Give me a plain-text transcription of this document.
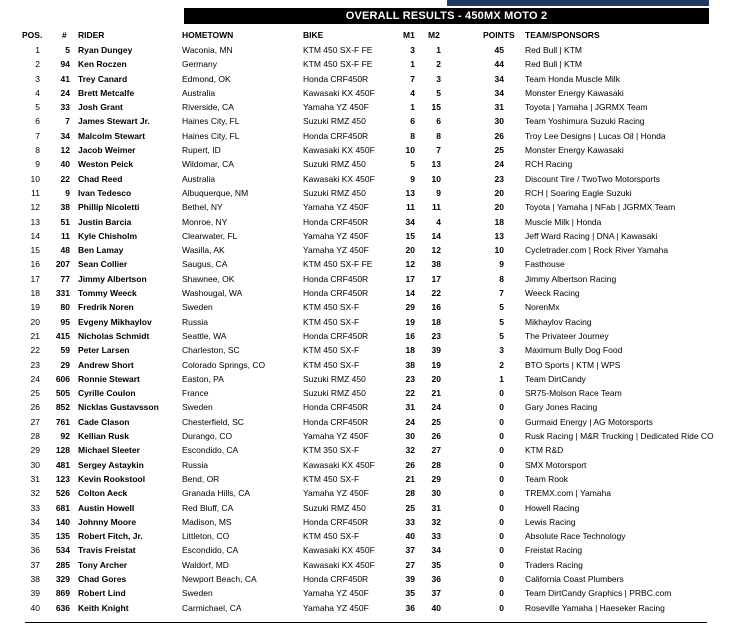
OVERALL RESULTS - 450MX MOTO 2
POS. # RIDER	HOMETOWN	BIKE	M1 M2	POINTS TEAM/SPONSORS
1	5 Ryan Dungey	Waconia, MN	KTM 450 SX-F FE	3	1	45 Red Bull | KTM
2	94 Ken Roczen	Germany	KTM 450 SX-F FE	1	2	44 Red Bull | KTM
3	41 Trey Canard	Edmond, OK	Honda CRF450R	7	3	34 Team Honda Muscle Milk
4	24 Brett Metcalfe	Australia	Kawasaki KX 450F	4	5	34 Monster Energy Kawasaki
5	33 Josh Grant	Riverside, CA	Yamaha YZ 450F	1	15	31 Toyota | Yamaha | JGRMX Team
6	7 James Stewart Jr.	Haines City, FL	Suzuki RMZ 450	6	6	30 Team Yoshimura Suzuki Racing
7	34 Malcolm Stewart	Haines City, FL	Honda CRF450R	8	8	26 Troy Lee Designs | Lucas Oil | Honda
8	12 Jacob Weimer	Rupert, ID	Kawasaki KX 450F	10	7	25 Monster Energy Kawasaki
9	40 Weston Peick	Wildomar, CA	Suzuki RMZ 450	5	13	24 RCH Racing
10	22 Chad Reed	Australia	Kawasaki KX 450F	9	10	23 Discount Tire / TwoTwo Motorsports
11	9 Ivan Tedesco	Albuquerque, NM	Suzuki RMZ 450	13	9	20 RCH | Soaring Eagle Suzuki
12	38 Phillip Nicoletti	Bethel, NY	Yamaha YZ 450F	11	11	20 Toyota | Yamaha | NFab | JGRMX Team
13	51 Justin Barcia	Monroe, NY	Honda CRF450R	34	4	18 Muscle Milk | Honda
14	11 Kyle Chisholm	Clearwater, FL	Yamaha YZ 450F	15	14	13 Jeff Ward Racing | DNA | Kawasaki
15	48 Ben Lamay	Wasilla, AK	Yamaha YZ 450F	20	12	10 Cycletrader.com | Rock River Yamaha
16	207 Sean Collier	Saugus, CA	KTM 450 SX-F FE	12	38	9 Fasthouse
17	77 Jimmy Albertson	Shawnee, OK	Honda CRF450R	17	17	8 Jimmy Albertson Racing
18	331 Tommy Weeck	Washougal, WA	Honda CRF450R	14	22	7 Weeck Racing
19	80 Fredrik Noren	Sweden	KTM 450 SX-F	29	16	5 NorenMx
20	95 Evgeny Mikhaylov	Russia	KTM 450 SX-F	19	18	5 Mikhaylov Racing
21	415 Nicholas Schmidt	Seattle, WA	Honda CRF450R	16	23	5 The Privateer Journey
22	59 Peter Larsen	Charleston, SC	KTM 450 SX-F	18	39	3 Maximum Bully Dog Food
23	29 Andrew Short	Colorado Springs, CO	KTM 450 SX-F	38	19	2 BTO Sports | KTM | WPS
24	606 Ronnie Stewart	Easton, PA	Suzuki RMZ 450	23	20	1 Team DirtCandy
25	505 Cyrille Coulon	France	Suzuki RMZ 450	22	21	0 SR75-Molson Race Team
26	852 Nicklas Gustavsson	Sweden	Honda CRF450R	31	24	0 Gary Jones Racing
27	761 Cade Clason	Chesterfield, SC	Honda CRF450R	24	25	0 Gurmaid Energy | AG Motorsports
28	92 Kellian Rusk	Durango, CO	Yamaha YZ 450F	30	26	0 Rusk Racing | M&R Trucking | Dedicated Ride CO
29	128 Michael Sleeter	Escondido, CA	KTM 350 SX-F	32	27	0 KTM R&D
30	481 Sergey Astaykin	Russia	Kawasaki KX 450F	26	28	0 SMX Motorsport
31	123 Kevin Rookstool	Bend, OR	KTM 450 SX-F	21	29	0 Team Rook
32	526 Colton Aeck	Granada Hills, CA	Yamaha YZ 450F	28	30	0 TREMX.com | Yamaha
33	681 Austin Howell	Red Bluff, CA	Suzuki RMZ 450	25	31	0 Howell Racing
34	140 Johnny Moore	Madison, MS	Honda CRF450R	33	32	0 Lewis Racing
35	135 Robert Fitch, Jr.	Littleton, CO	KTM 450 SX-F	40	33	0 Absolute Race Technology
36	534 Travis Freistat	Escondido, CA	Kawasaki KX 450F	37	34	0 Freistat Racing
37	285 Tony Archer	Waldorf, MD	Kawasaki KX 450F	27	35	0 Traders Racing
38	329 Chad Gores	Newport Beach, CA	Honda CRF450R	39	36	0 California Coast Plumbers
39	869 Robert Lind	Sweden	Yamaha YZ 450F	35	37	0 Team DirtCandy Graphics | PRBC.com
40	636 Keith Knight	Carmichael, CA	Yamaha YZ 450F	36	40	0 Roseville Yamaha | Haeseker Racing
